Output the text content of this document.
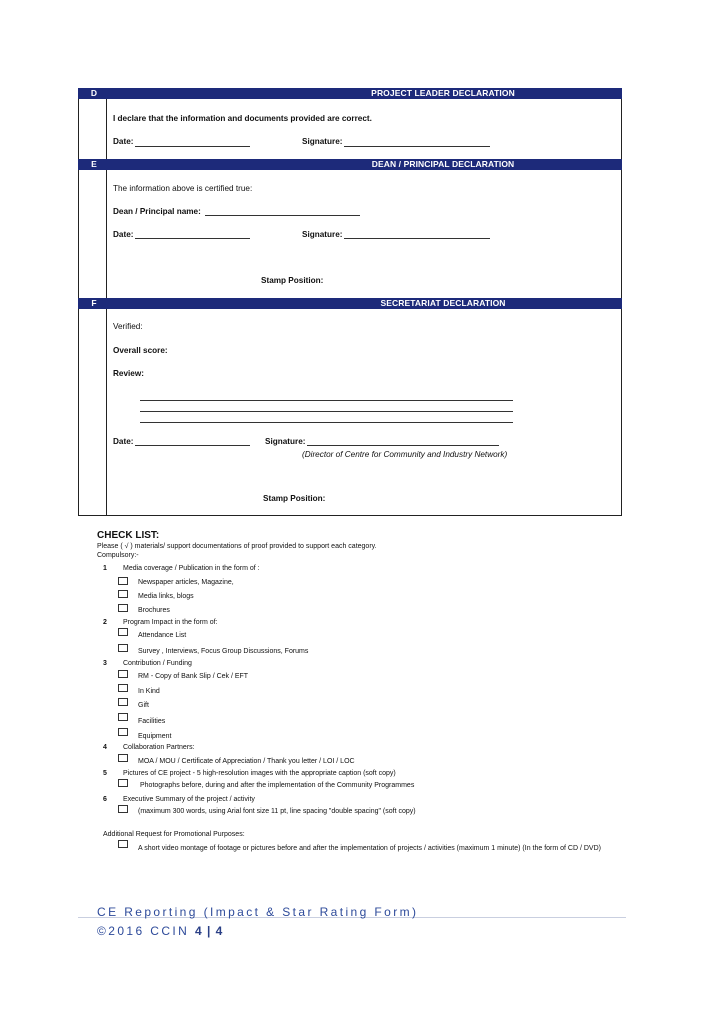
D	PROJECT LEADER DECLARATION
I declare that the information and documents provided are correct.
Date:	Signature:
E	DEAN / PRINCIPAL DECLARATION
The information above is certified true:
Dean / Principal name:
Date:	Signature:
Stamp Position:
F	SECRETARIAT DECLARATION
Verified:
Overall score:
Review:
Date:	Signature:
(Director of Centre for Community and Industry Network)
Stamp Position:
CHECK LIST:
Please ( √ ) materials/ support documentations of proof provided to support each category.
Compulsory:-
1 Media coverage / Publication in the form of :
Newspaper articles, Magazine,
Media links, blogs
Brochures
2 Program Impact in the form of:
Attendance List
Survey , Interviews, Focus Group Discussions, Forums
3 Contribution / Funding
RM - Copy of Bank Slip / Cek / EFT
In Kind
Gift
Facilities
Equipment
4 Collaboration Partners:
MOA / MOU / Certificate of Appreciation / Thank you letter / LOI / LOC
5 Pictures of CE project - 5 high-resolution images with the appropriate caption (soft copy)
Photographs before, during and after the implementation of the Community Programmes
6 Executive Summary of the project / activity
(maximum 300 words, using Arial font size 11 pt, line spacing "double spacing" (soft copy)
Additional Request for Promotional Purposes:
A short video montage of footage or pictures before and after the implementation of projects / activities (maximum 1 minute) (In the form of CD / DVD)
CE Reporting (Impact & Star Rating Form)
©2016 CCIN 4 | 4
